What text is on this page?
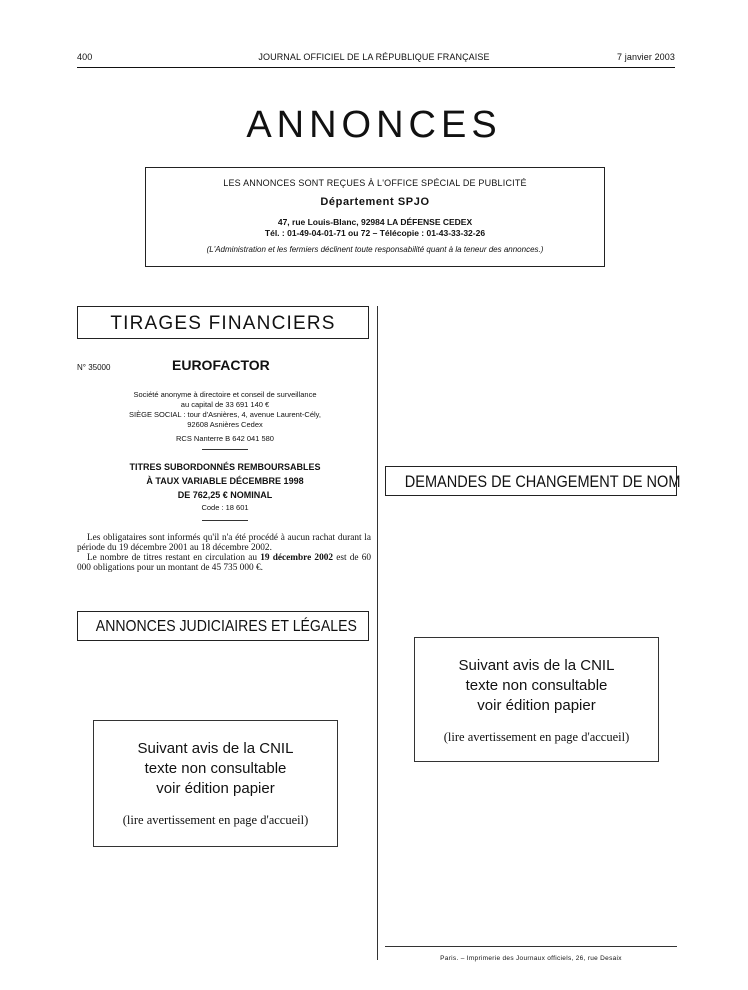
400	JOURNAL OFFICIEL DE LA RÉPUBLIQUE FRANÇAISE	7 janvier 2003
ANNONCES
LES ANNONCES SONT REÇUES À L'OFFICE SPÉCIAL DE PUBLICITÉ
Département SPJO
47, rue Louis-Blanc, 92984 LA DÉFENSE CEDEX
Tél. : 01-49-04-01-71 ou 72 – Télécopie : 01-43-33-32-26
(L'Administration et les fermiers déclinent toute responsabilité quant à la teneur des annonces.)
TIRAGES FINANCIERS
N° 35000	EUROFACTOR
Société anonyme à directoire et conseil de surveillance
au capital de 33 691 140 €
SIÈGE SOCIAL : tour d'Asnières, 4, avenue Laurent-Cély,
92608 Asnières Cedex
RCS Nanterre B 642 041 580
TITRES SUBORDONNÉS REMBOURSABLES
À TAUX VARIABLE DÉCEMBRE 1998
DE 762,25 € NOMINAL
Code : 18 601

Les obligataires sont informés qu'il n'a été procédé à aucun rachat durant la période du 19 décembre 2001 au 18 décembre 2002.

Le nombre de titres restant en circulation au 19 décembre 2002 est de 60 000 obligations pour un montant de 45 735 000 €.

ANNONCES JUDICIAIRES ET LÉGALES
Suivant avis de la CNIL
texte non consultable
voir édition papier
(lire avertissement en page d'accueil)
DEMANDES DE CHANGEMENT DE NOM
Suivant avis de la CNIL
texte non consultable
voir édition papier
(lire avertissement en page d'accueil)
Paris. – Imprimerie des Journaux officiels, 26, rue Desaix
